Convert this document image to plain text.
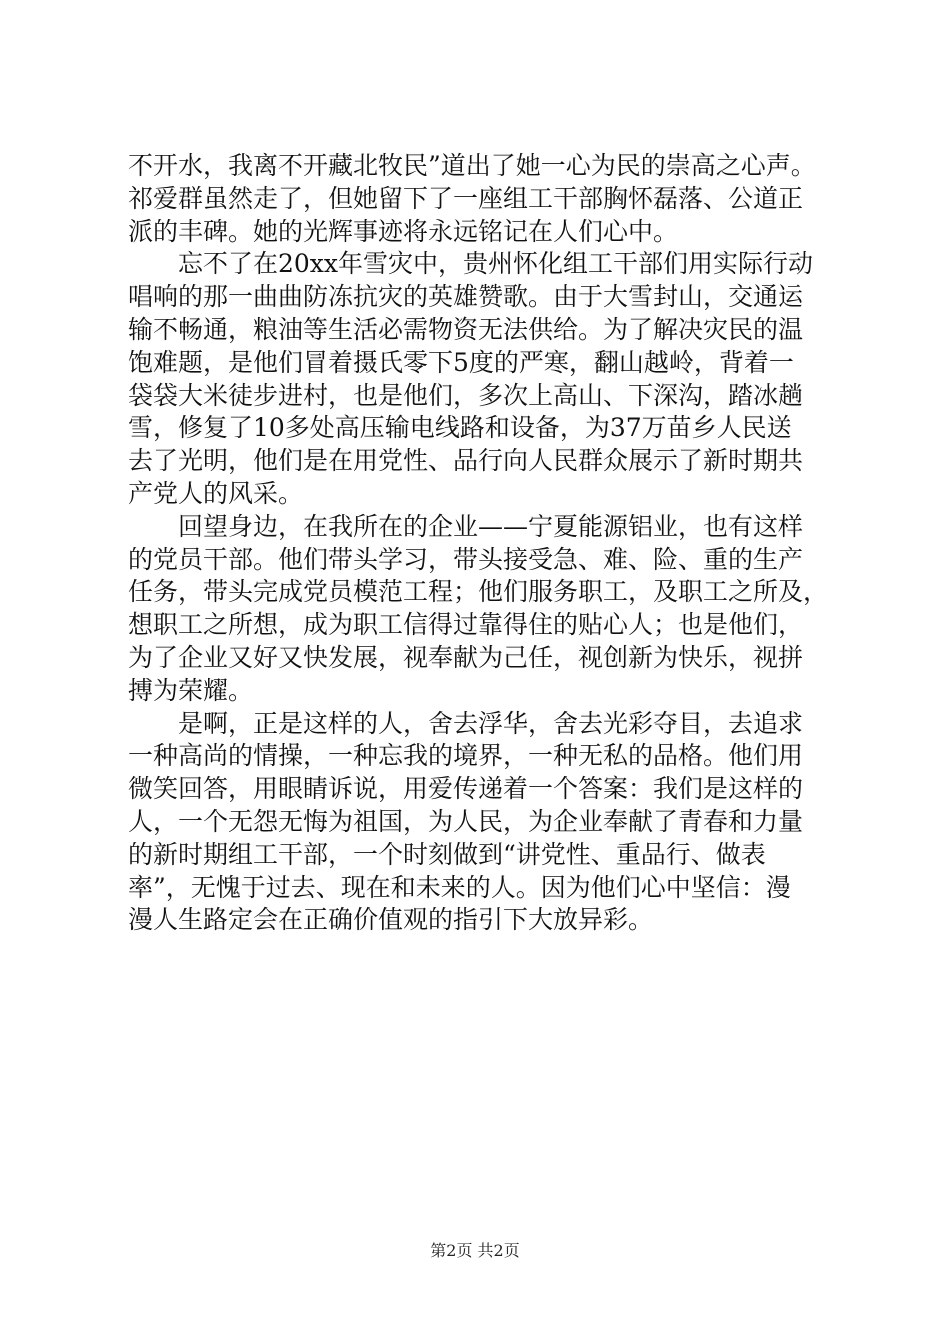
不开水，我离不开藏北牧民”道出了她一心为民的崇高之心声。
祁爱群虽然走了，但她留下了一座组工干部胸怀磊落、公道正
派的丰碑。她的光辉事迹将永远铭记在人们心中。
　　忘不了在20xx年雪灾中，贵州怀化组工干部们用实际行动
唱响的那一曲曲防冻抗灾的英雄赞歌。由于大雪封山，交通运
输不畅通，粮油等生活必需物资无法供给。为了解决灾民的温
饱难题，是他们冒着摄氏零下5度的严寒，翻山越岭，背着一
袋袋大米徒步进村，也是他们，多次上高山、下深沟，踏冰趟
雪，修复了10多处高压输电线路和设备，为37万苗乡人民送
去了光明，他们是在用党性、品行向人民群众展示了新时期共
产党人的风采。
　　回望身边，在我所在的企业——宁夏能源铝业，也有这样
的党员干部。他们带头学习，带头接受急、难、险、重的生产
任务，带头完成党员模范工程；他们服务职工，及职工之所及，
想职工之所想，成为职工信得过靠得住的贴心人；也是他们，
为了企业又好又快发展，视奉献为己任，视创新为快乐，视拼
搏为荣耀。
　　是啊，正是这样的人，舍去浮华，舍去光彩夺目，去追求
一种高尚的情操，一种忘我的境界，一种无私的品格。他们用
微笑回答，用眼睛诉说，用爱传递着一个答案：我们是这样的
人，一个无怨无悔为祖国，为人民，为企业奉献了青春和力量
的新时期组工干部，一个时刻做到“讲党性、重品行、做表
率”，无愧于过去、现在和未来的人。因为他们心中坚信：漫
漫人生路定会在正确价值观的指引下大放异彩。
第2页 共2页
